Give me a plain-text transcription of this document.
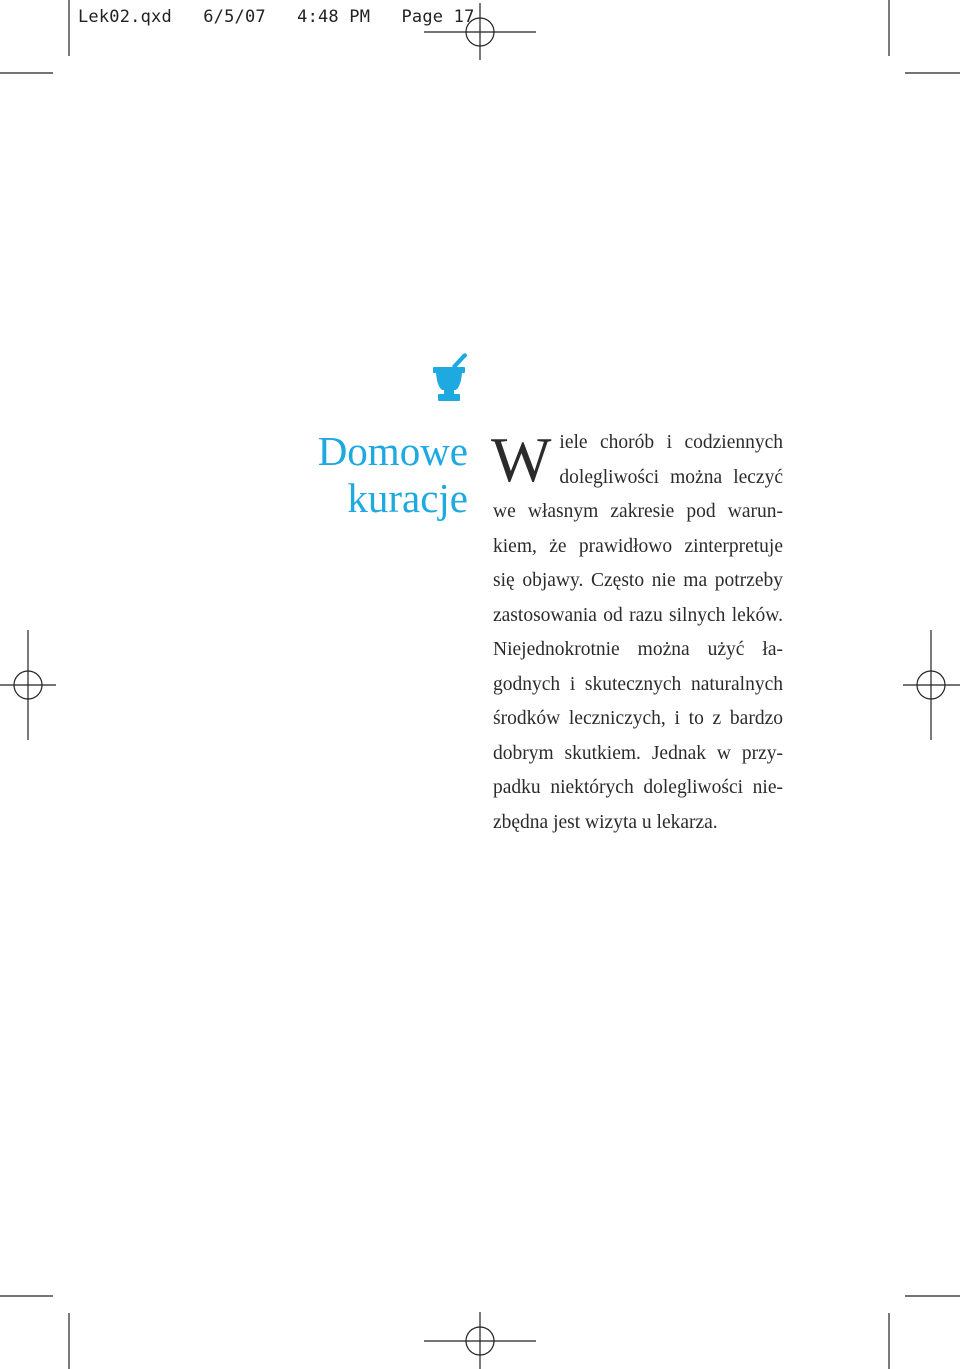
Lek02.qxd   6/5/07   4:48 PM   Page 17
Domowe
kuracje
W iele chorób i codziennych
dolegliwości można leczyć
we własnym zakresie pod warun-
kiem, że prawidłowo zinterpretuje
się objawy. Często nie ma potrzeby
zastosowania od razu silnych leków.
Niejednokrotnie można użyć ła-
godnych i skutecznych naturalnych
środków leczniczych, i to z bardzo
dobrym skutkiem. Jednak w przy-
padku niektórych dolegliwości nie-
zbędna jest wizyta u lekarza.
